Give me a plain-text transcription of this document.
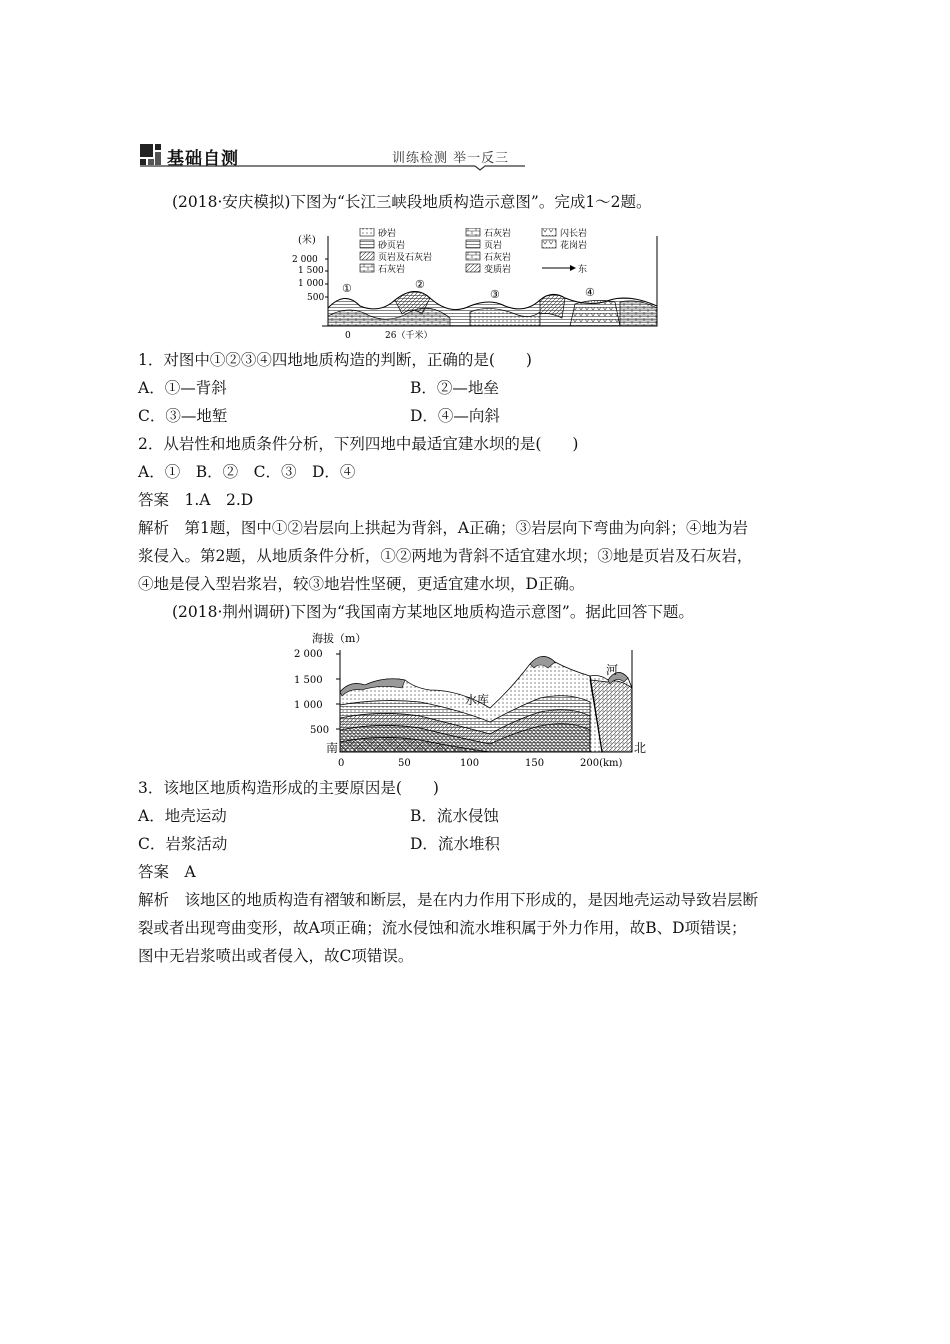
基础自测	训练检测 举一反三
(2018·安庆模拟)下图为“长江三峡段地质构造示意图”。完成1～2题。
(米)
2 000
1 500
1 000
500
①	②
③	④
0	26（千米）
砂岩
砂页岩
页岩及石灰岩
石灰岩
石灰岩
页岩
石灰岩
变质岩
闪长岩
花岗岩
东
1．对图中①②③④四地地质构造的判断，正确的是(　　)
A．①—背斜	B．②—地垒
C．③—地堑	D．④—向斜
2．从岩性和地质条件分析，下列四地中最适宜建水坝的是(　　)
A．①　B．②　C．③　D．④
答案　1.A　2.D
解析　第1题，图中①②岩层向上拱起为背斜，A正确；③岩层向下弯曲为向斜；④地为岩
浆侵入。第2题，从地质条件分析，①②两地为背斜不适宜建水坝；③地是页岩及石灰岩，
④地是侵入型岩浆岩，较③地岩性坚硬，更适宜建水坝，D正确。
(2018·荆州调研)下图为“我国南方某地区地质构造示意图”。据此回答下题。
海拔（m）
2 000
1 500
1 000
500
水库
河
南	北
0	50	100	150	200(km)
3．该地区地质构造形成的主要原因是(　　)
A．地壳运动	B．流水侵蚀
C．岩浆活动	D．流水堆积
答案　A
解析　该地区的地质构造有褶皱和断层，是在内力作用下形成的，是因地壳运动导致岩层断
裂或者出现弯曲变形，故A项正确；流水侵蚀和流水堆积属于外力作用，故B、D项错误；
图中无岩浆喷出或者侵入，故C项错误。
